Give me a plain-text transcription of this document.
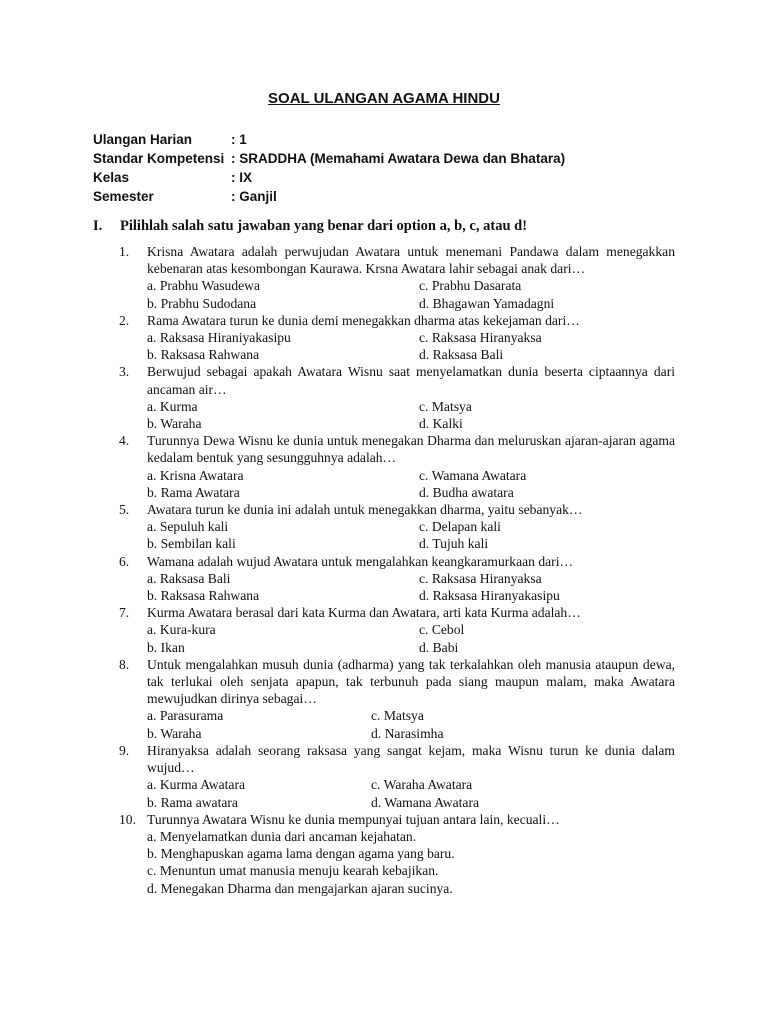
SOAL ULANGAN AGAMA HINDU
Ulangan Harian	: 1
Standar Kompetensi : SRADDHA (Memahami Awatara Dewa dan Bhatara)
Kelas	: IX
Semester	: Ganjil
I.	Pilihlah salah satu jawaban yang benar dari option a, b, c, atau d!
1.	Krisna Awatara adalah perwujudan Awatara untuk menemani Pandawa dalam menegakkan kebenaran atas kesombongan Kaurawa. Krsna Awatara lahir sebagai anak dari…
a. Prabhu Wasudewa	c. Prabhu Dasarata
b. Prabhu Sudodana	d. Bhagawan Yamadagni
2.	Rama Awatara turun ke dunia demi menegakkan dharma atas kekejaman dari…
a. Raksasa Hiraniyakasipu	c. Raksasa Hiranyaksa
b. Raksasa Rahwana	d. Raksasa Bali
3.	Berwujud sebagai apakah Awatara Wisnu saat menyelamatkan dunia beserta ciptaannya dari ancaman air…
a. Kurma	c. Matsya
b. Waraha	d. Kalki
4.	Turunnya Dewa Wisnu ke dunia untuk menegakan Dharma dan meluruskan ajaran-ajaran agama kedalam bentuk yang sesungguhnya adalah…
a. Krisna Awatara	c. Wamana Awatara
b. Rama Awatara	d. Budha awatara
5.	Awatara turun ke dunia ini adalah untuk menegakkan dharma, yaitu sebanyak…
a. Sepuluh kali	c. Delapan kali
b. Sembilan kali	d. Tujuh kali
6.	Wamana adalah wujud Awatara untuk mengalahkan keangkaramurkaan dari…
a. Raksasa Bali	c. Raksasa Hiranyaksa
b. Raksasa Rahwana	d. Raksasa Hiranyakasipu
7.	Kurma Awatara berasal dari kata Kurma dan Awatara, arti kata Kurma adalah…
a. Kura-kura	c. Cebol
b. Ikan	d. Babi
8.	Untuk mengalahkan musuh dunia (adharma) yang tak terkalahkan oleh manusia ataupun dewa, tak terlukai oleh senjata apapun, tak terbunuh pada siang maupun malam, maka Awatara mewujudkan dirinya sebagai…
a. Parasurama	c. Matsya
b. Waraha	d. Narasimha
9.	Hiranyaksa adalah seorang raksasa yang sangat kejam, maka Wisnu turun ke dunia dalam wujud…
a. Kurma Awatara	c. Waraha Awatara
b. Rama awatara	d. Wamana Awatara
10. Turunnya Awatara Wisnu ke dunia mempunyai tujuan antara lain, kecuali…
a. Menyelamatkan dunia dari ancaman kejahatan.
b. Menghapuskan agama lama dengan agama yang baru.
c. Menuntun umat manusia menuju kearah kebajikan.
d. Menegakan Dharma dan mengajarkan ajaran sucinya.
